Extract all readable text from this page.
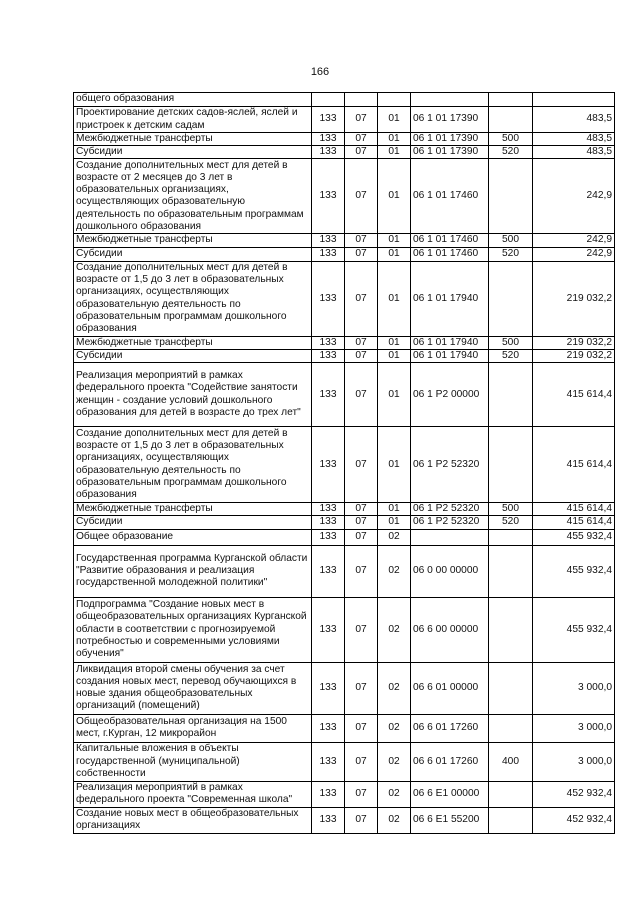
166
общего образования						
Проектирование детских садов-яслей, яслей и пристроек к детским садам	133	07	01	06 1 01 17390		483,5
Межбюджетные трансферты	133	07	01	06 1 01 17390	500	483,5
Субсидии	133	07	01	06 1 01 17390	520	483,5
Создание дополнительных мест для детей в возрасте от 2 месяцев до 3 лет в образовательных организациях, осуществляющих образовательную деятельность по образовательным программам дошкольного образования	133	07	01	06 1 01 17460		242,9
Межбюджетные трансферты	133	07	01	06 1 01 17460	500	242,9
Субсидии	133	07	01	06 1 01 17460	520	242,9
Создание дополнительных мест для детей в возрасте от 1,5 до 3 лет в образовательных организациях, осуществляющих образовательную деятельность по образовательным программам дошкольного образования	133	07	01	06 1 01 17940		219 032,2
Межбюджетные трансферты	133	07	01	06 1 01 17940	500	219 032,2
Субсидии	133	07	01	06 1 01 17940	520	219 032,2
Реализация мероприятий в рамках федерального проекта "Содействие занятости женщин - создание условий дошкольного образования для детей в возрасте до трех лет"	133	07	01	06 1 P2 00000		415 614,4
Создание дополнительных мест для детей в возрасте от 1,5 до 3 лет в образовательных организациях, осуществляющих образовательную деятельность по образовательным программам дошкольного образования	133	07	01	06 1 P2 52320		415 614,4
Межбюджетные трансферты	133	07	01	06 1 P2 52320	500	415 614,4
Субсидии	133	07	01	06 1 P2 52320	520	415 614,4
Общее образование	133	07	02			455 932,4
Государственная программа Курганской области "Развитие образования и реализация государственной молодежной политики"	133	07	02	06 0 00 00000		455 932,4
Подпрограмма "Создание новых мест в общеобразовательных организациях Курганской области в соответствии с прогнозируемой потребностью и современными условиями обучения"	133	07	02	06 6 00 00000		455 932,4
Ликвидация второй смены обучения за счет создания новых мест, перевод обучающихся в новые здания общеобразовательных организаций (помещений)	133	07	02	06 6 01 00000		3 000,0
Общеобразовательная организация на 1500 мест, г.Курган, 12 микрорайон	133	07	02	06 6 01 17260		3 000,0
Капитальные вложения в объекты государственной (муниципальной) собственности	133	07	02	06 6 01 17260	400	3 000,0
Реализация мероприятий в рамках федерального проекта "Современная школа"	133	07	02	06 6 E1 00000		452 932,4
Создание новых мест в общеобразовательных организациях	133	07	02	06 6 E1 55200		452 932,4
